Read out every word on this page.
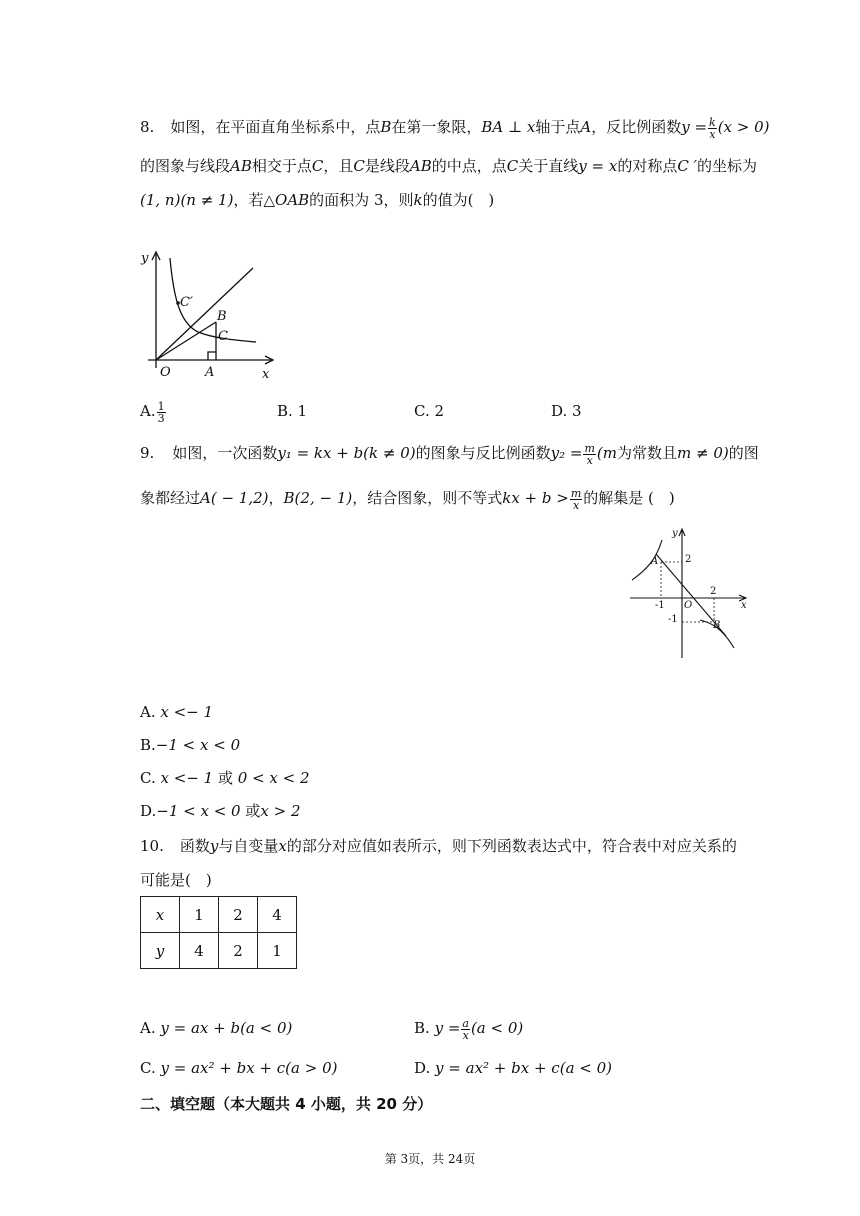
8. 如图，在平面直角坐标系中，点B在第一象限，BA ⊥ x轴于点A，反比例函数$y = \frac{k}{x} (x > 0)$
的图象与线段AB相交于点C，且C是线段AB的中点，点C关于直线y = x的对称点C ′的坐标为
(1, n)(n ≠ 1)，若△OAB的面积为 3，则k的值为(　)
y
x
O	A
B
C
C′
A. $\frac{1}{3}$	B. 1	C. 2	D. 3
9. 如图，一次函数y₁ = kx + b(k ≠ 0)的图象与反比例函数$y_2 = \frac{m}{x} (m$为常数且m ≠ 0)的图
象都经过A( − 1,2)，B(2, − 1)，结合图象，则不等式kx + $b > \frac{m}{x}$ 的解集是 (　)
y
x
O
A
B
2
2
-1
-1
A. x <− 1
B.−1 < x < 0
C. x <− 1 或 0 < x < 2
D.−1 < x < 0 或x > 2
10. 函数y与自变量x的部分对应值如表所示，则下列函数表达式中，符合表中对应关系的
可能是(　)
x	1	2	4
y	4	2	1
A. y = ax + b(a < 0)	B. $y = \frac{a}{x} (a < 0)$
C. y = ax² + bx + c(a > 0)	D. y = ax² + bx + c(a < 0)
二、填空题（本大题共 4 小题，共 20 分）
第 3页，共 24页
